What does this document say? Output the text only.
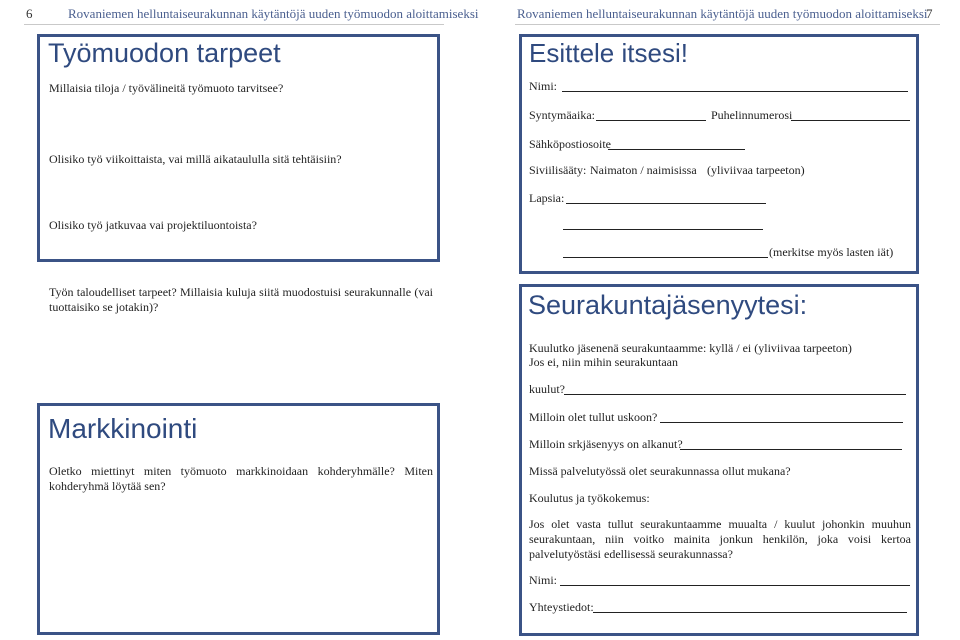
6	Rovaniemen helluntaiseurakunnan käytäntöjä uuden työmuodon aloittamiseksi	Rovaniemen helluntaiseurakunnan käytäntöjä uuden työmuodon aloittamiseksi
7
Työmuodon tarpeet
Millaisia tiloja / työvälineitä työmuoto tarvitsee?
Olisiko työ viikoittaista, vai millä aikataululla sitä tehtäisiin?
Olisiko työ jatkuvaa vai projektiluontoista?
Työn taloudelliset tarpeet? Millaisia kuluja siitä muodostuisi seurakunnalle (vai tuottaisiko se jotakin)?
Markkinointi
Oletko miettinyt miten työmuoto markkinoidaan kohderyhmälle? Miten kohderyhmä löytää sen?
Esittele itsesi!
Nimi:
Syntymäaika:	Puhelinnumerosi
Sähköpostiosoite
Siviilisääty: Naimaton / naimisissa (yliviivaa tarpeeton)
Lapsia:
(merkitse myös lasten iät)
Seurakuntajäsenyytesi:
Kuulutko jäsenenä seurakuntaamme: kyllä / ei (yliviivaa tarpeeton)
Jos ei, niin mihin seurakuntaan
kuulut?
Milloin olet tullut uskoon?
Milloin srkjäsenyys on alkanut?
Missä palvelutyössä olet seurakunnassa ollut mukana?
Koulutus ja työkokemus:
Jos olet vasta tullut seurakuntaamme muualta / kuulut johonkin muuhun seurakuntaan, niin voitko mainita jonkun henkilön, joka voisi kertoa palvelutyöstäsi edellisessä seurakunnassa?
Nimi:
Yhteystiedot:
